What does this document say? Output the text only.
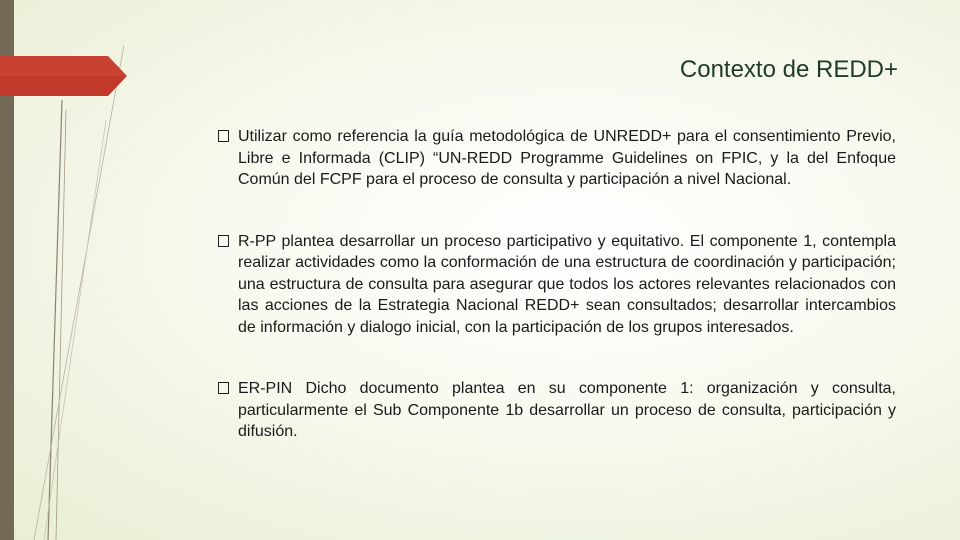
Contexto de REDD+
Utilizar como referencia la guía metodológica de UNREDD+ para el consentimiento Previo, Libre e Informada (CLIP) “UN-REDD Programme Guidelines on FPIC, y la del Enfoque Común del FCPF para el proceso de consulta y participación a nivel Nacional.
R-PP plantea desarrollar un proceso participativo y equitativo. El componente 1, contempla realizar actividades como la conformación de una estructura de coordinación y participación; una estructura de consulta para asegurar que todos los actores relevantes relacionados con las acciones de la Estrategia Nacional REDD+ sean consultados; desarrollar intercambios de información y dialogo inicial, con la participación de los grupos interesados.
ER-PIN Dicho documento plantea en su componente 1: organización y consulta, particularmente el Sub Componente 1b desarrollar un proceso de consulta, participación y difusión.
